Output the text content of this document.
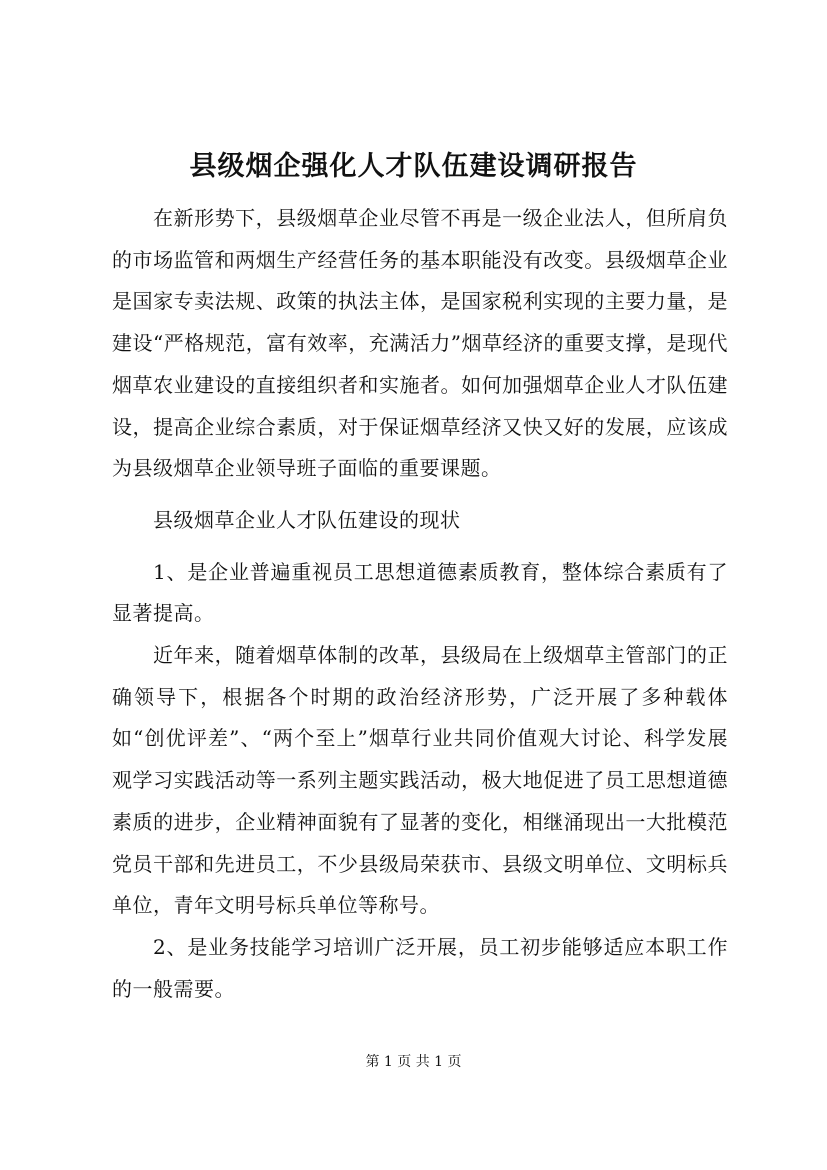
县级烟企强化人才队伍建设调研报告

在新形势下，县级烟草企业尽管不再是一级企业法人，但所肩负的市场监管和两烟生产经营任务的基本职能没有改变。县级烟草企业是国家专卖法规、政策的执法主体，是国家税利实现的主要力量，是建设“严格规范，富有效率，充满活力”烟草经济的重要支撑，是现代烟草农业建设的直接组织者和实施者。如何加强烟草企业人才队伍建设，提高企业综合素质，对于保证烟草经济又快又好的发展，应该成为县级烟草企业领导班子面临的重要课题。

县级烟草企业人才队伍建设的现状

1、是企业普遍重视员工思想道德素质教育，整体综合素质有了显著提高。

近年来，随着烟草体制的改革，县级局在上级烟草主管部门的正确领导下，根据各个时期的政治经济形势，广泛开展了多种载体如“创优评差”、“两个至上”烟草行业共同价值观大讨论、科学发展观学习实践活动等一系列主题实践活动，极大地促进了员工思想道德素质的进步，企业精神面貌有了显著的变化，相继涌现出一大批模范党员干部和先进员工，不少县级局荣获市、县级文明单位、文明标兵单位，青年文明号标兵单位等称号。

2、是业务技能学习培训广泛开展，员工初步能够适应本职工作的一般需要。

第 1 页 共 1 页
